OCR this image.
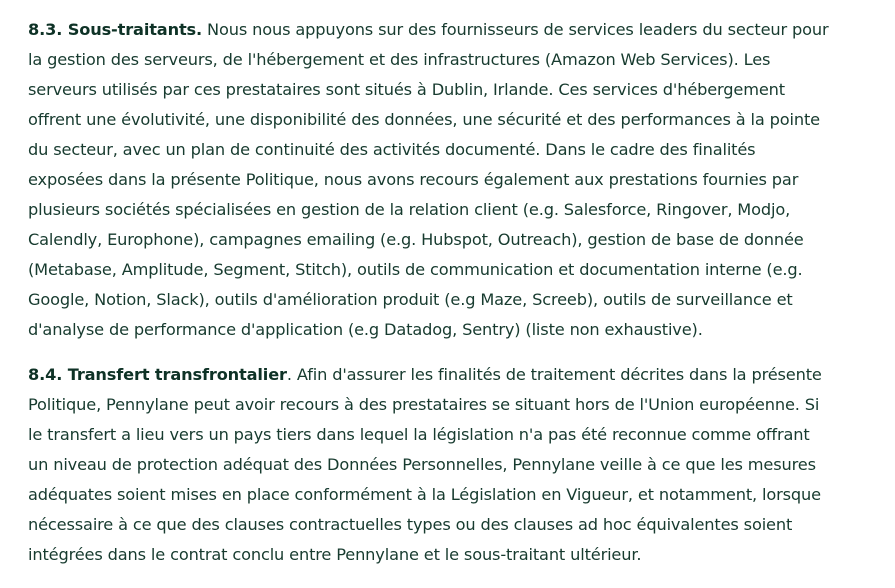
8.3. Sous-traitants. Nous nous appuyons sur des fournisseurs de services leaders du secteur pour
la gestion des serveurs, de l'hébergement et des infrastructures (Amazon Web Services). Les
serveurs utilisés par ces prestataires sont situés à Dublin, Irlande. Ces services d'hébergement
offrent une évolutivité, une disponibilité des données, une sécurité et des performances à la pointe
du secteur, avec un plan de continuité des activités documenté. Dans le cadre des finalités
exposées dans la présente Politique, nous avons recours également aux prestations fournies par
plusieurs sociétés spécialisées en gestion de la relation client (e.g. Salesforce, Ringover, Modjo,
Calendly, Europhone), campagnes emailing (e.g. Hubspot, Outreach), gestion de base de donnée
(Metabase, Amplitude, Segment, Stitch), outils de communication et documentation interne (e.g.
Google, Notion, Slack), outils d'amélioration produit (e.g Maze, Screeb), outils de surveillance et
d'analyse de performance d'application (e.g Datadog, Sentry) (liste non exhaustive).
8.4. Transfert transfrontalier. Afin d'assurer les finalités de traitement décrites dans la présente
Politique, Pennylane peut avoir recours à des prestataires se situant hors de l'Union européenne. Si
le transfert a lieu vers un pays tiers dans lequel la législation n'a pas été reconnue comme offrant
un niveau de protection adéquat des Données Personnelles, Pennylane veille à ce que les mesures
adéquates soient mises en place conformément à la Législation en Vigueur, et notamment, lorsque
nécessaire à ce que des clauses contractuelles types ou des clauses ad hoc équivalentes soient
intégrées dans le contrat conclu entre Pennylane et le sous-traitant ultérieur.
